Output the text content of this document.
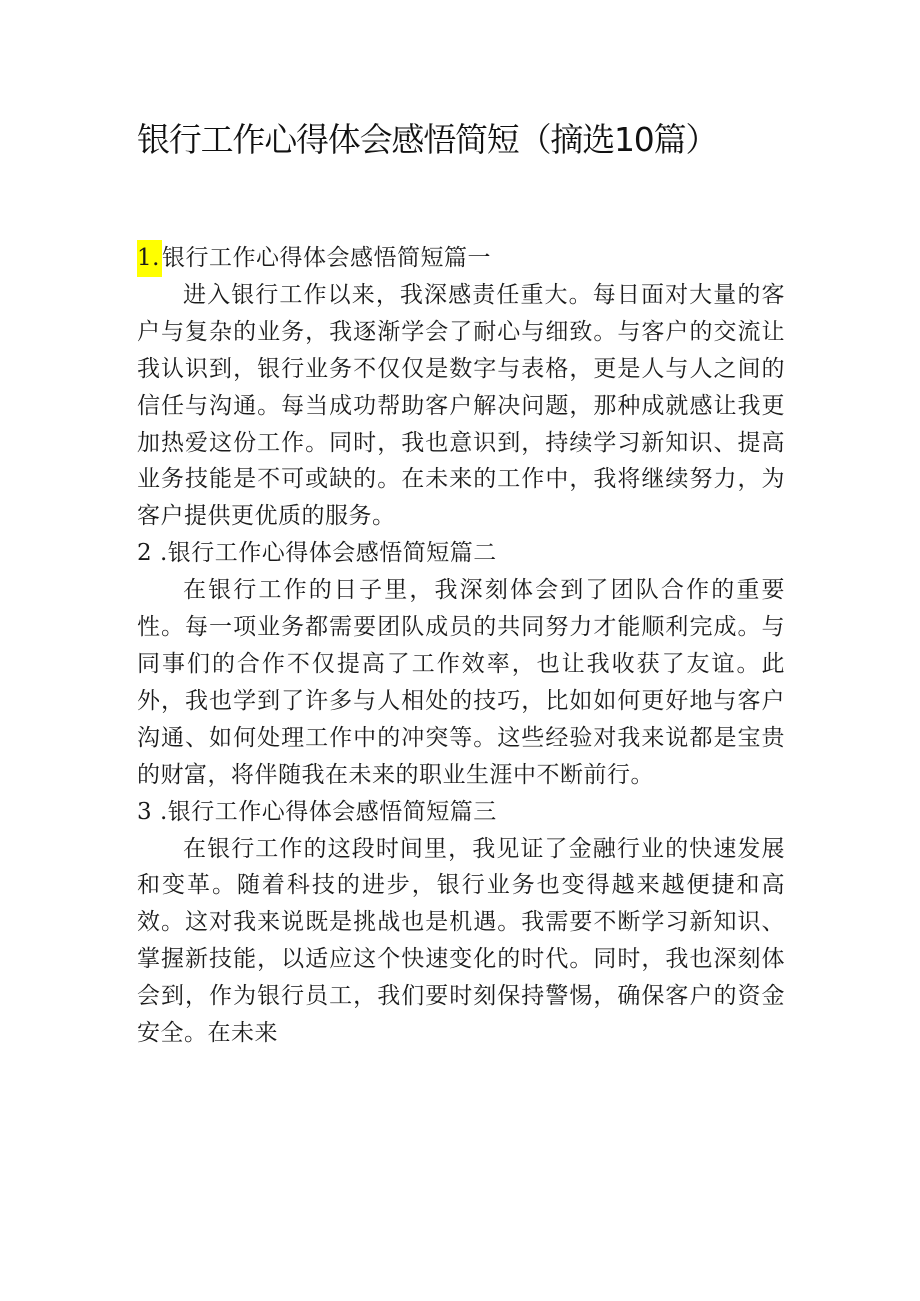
银行工作心得体会感悟简短（摘选10篇）

1.银行工作心得体会感悟简短篇一

进入银行工作以来，我深感责任重大。每日面对大量的客户与复杂的业务，我逐渐学会了耐心与细致。与客户的交流让我认识到，银行业务不仅仅是数字与表格，更是人与人之间的信任与沟通。每当成功帮助客户解决问题，那种成就感让我更加热爱这份工作。同时，我也意识到，持续学习新知识、提高业务技能是不可或缺的。在未来的工作中，我将继续努力，为客户提供更优质的服务。

2 .银行工作心得体会感悟简短篇二

在银行工作的日子里，我深刻体会到了团队合作的重要性。每一项业务都需要团队成员的共同努力才能顺利完成。与同事们的合作不仅提高了工作效率，也让我收获了友谊。此外，我也学到了许多与人相处的技巧，比如如何更好地与客户沟通、如何处理工作中的冲突等。这些经验对我来说都是宝贵的财富，将伴随我在未来的职业生涯中不断前行。

3 .银行工作心得体会感悟简短篇三

在银行工作的这段时间里，我见证了金融行业的快速发展和变革。随着科技的进步，银行业务也变得越来越便捷和高效。这对我来说既是挑战也是机遇。我需要不断学习新知识、掌握新技能，以适应这个快速变化的时代。同时，我也深刻体会到，作为银行员工，我们要时刻保持警惕，确保客户的资金安全。在未来
